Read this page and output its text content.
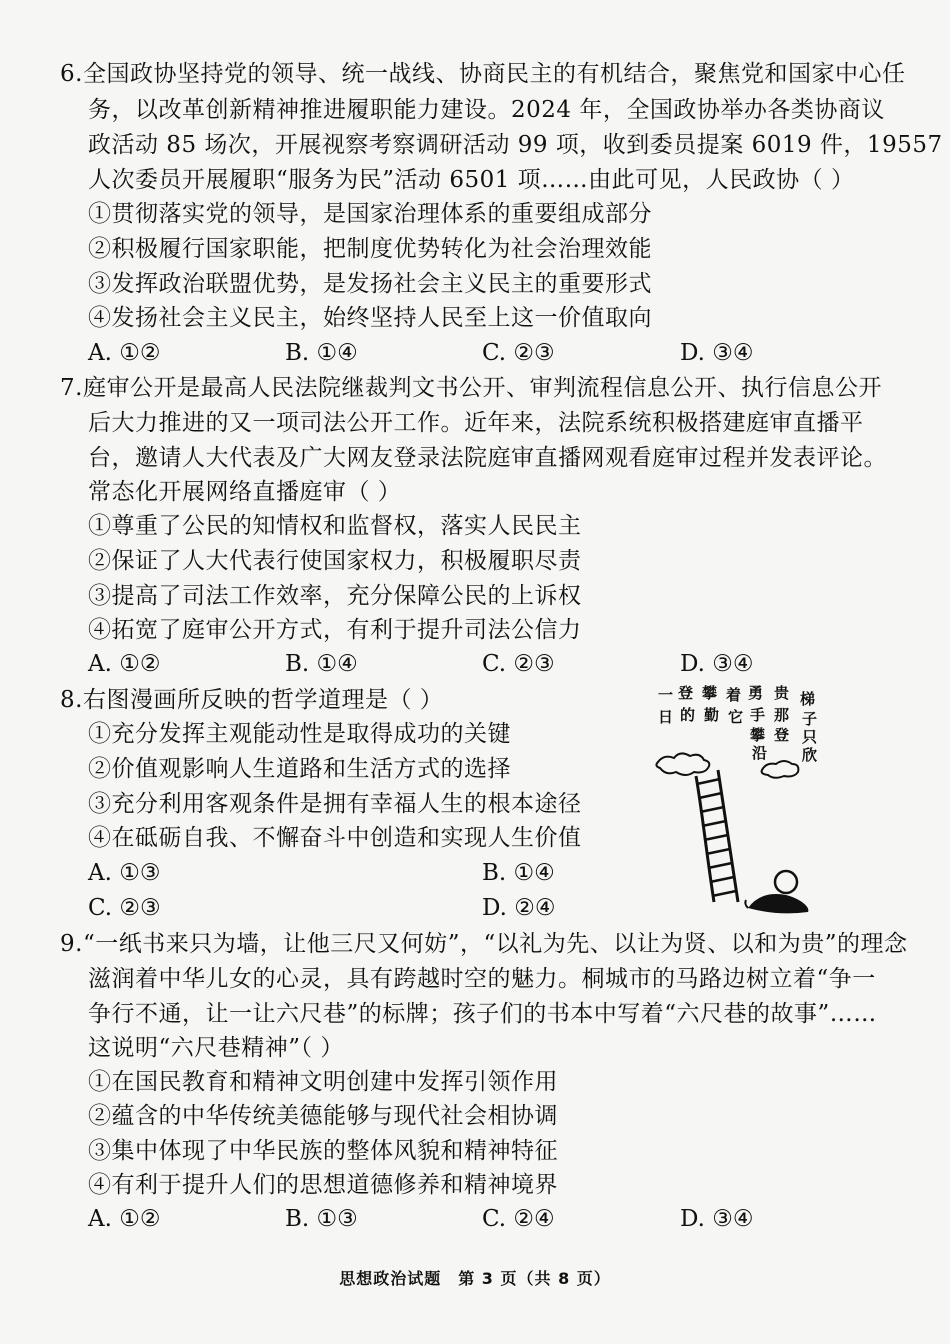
6.全国政协坚持党的领导、统一战线、协商民主的有机结合，聚焦党和国家中心任
务，以改革创新精神推进履职能力建设。2024 年，全国政协举办各类协商议
政活动 85 场次，开展视察考察调研活动 99 项，收到委员提案 6019 件，19557
人次委员开展履职“服务为民”活动 6501 项……由此可见，人民政协（ ）
①贯彻落实党的领导，是国家治理体系的重要组成部分
②积极履行国家职能，把制度优势转化为社会治理效能
③发挥政治联盟优势，是发扬社会主义民主的重要形式
④发扬社会主义民主，始终坚持人民至上这一价值取向
A. ①②	B. ①④	C. ②③	D. ③④
7.庭审公开是最高人民法院继裁判文书公开、审判流程信息公开、执行信息公开
后大力推进的又一项司法公开工作。近年来，法院系统积极搭建庭审直播平
台，邀请人大代表及广大网友登录法院庭审直播网观看庭审过程并发表评论。
常态化开展网络直播庭审（ ）
①尊重了公民的知情权和监督权，落实人民民主
②保证了人大代表行使国家权力，积极履职尽责
③提高了司法工作效率，充分保障公民的上诉权
④拓宽了庭审公开方式，有利于提升司法公信力
A. ①②	B. ①④	C. ②③	D. ③④
8.右图漫画所反映的哲学道理是（ ）
①充分发挥主观能动性是取得成功的关键
②价值观影响人生道路和生活方式的选择
③充分利用客观条件是拥有幸福人生的根本途径
④在砥砺自我、不懈奋斗中创造和实现人生价值
A. ①③	B. ①④
C. ②③	D. ②④
一
日
登
的
攀
勤
着
它
勇
手
攀
沿
贵
那
登
梯
子
只
欣
9.“一纸书来只为墙，让他三尺又何妨”，“以礼为先、以让为贤、以和为贵”的理念
滋润着中华儿女的心灵，具有跨越时空的魅力。桐城市的马路边树立着“争一
争行不通，让一让六尺巷”的标牌；孩子们的书本中写着“六尺巷的故事”……
这说明“六尺巷精神”（ ）
①在国民教育和精神文明创建中发挥引领作用
②蕴含的中华传统美德能够与现代社会相协调
③集中体现了中华民族的整体风貌和精神特征
④有利于提升人们的思想道德修养和精神境界
A. ①②	B. ①③	C. ②④	D. ③④
思想政治试题　第 3 页（共 8 页）
